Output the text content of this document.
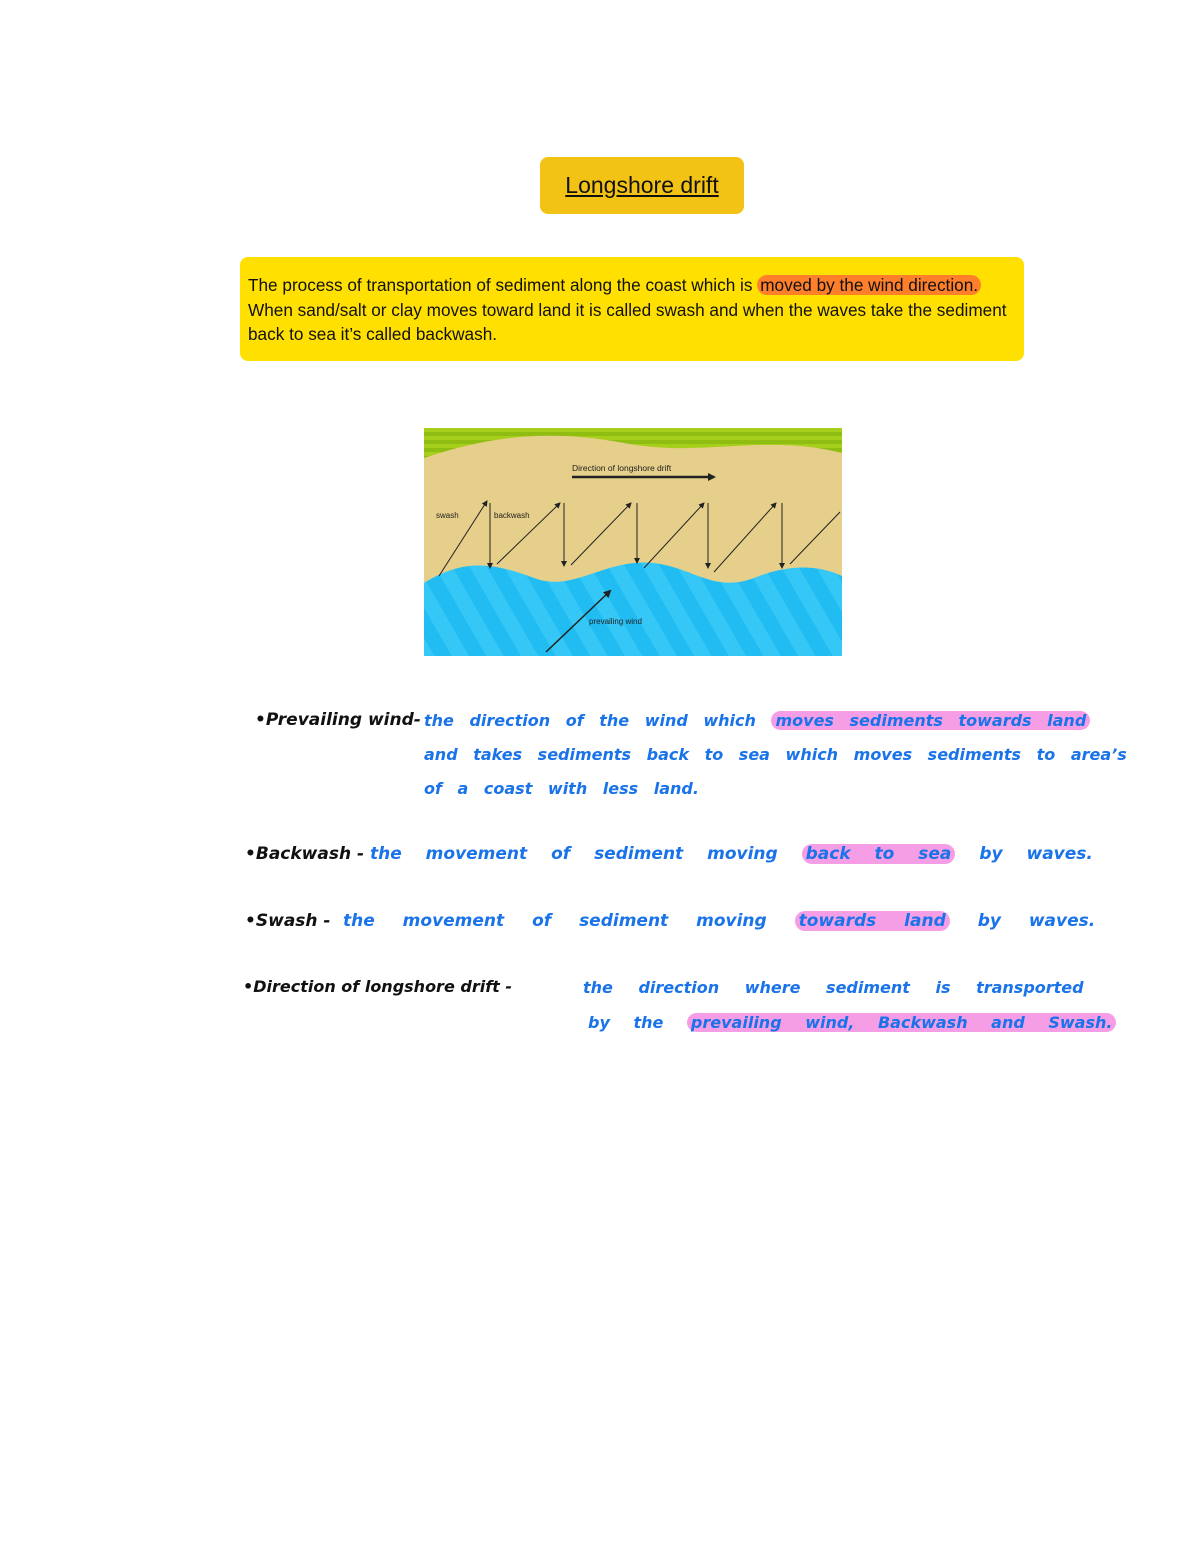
Longshore drift
The process of transportation of sediment along the coast which is moved by the wind direction. When sand/salt or clay moves toward land it is called swash and when the waves take the sediment back to sea it’s called backwash.
Direction of longshore drift
swash	backwash
prevailing wind
•Prevailing wind- the direction of the wind which moves sediments towards land
and takes sediments back to sea which moves sediments to area’s
of a coast with less land.
•Backwash - the movement of sediment moving back to sea by waves.
•Swash - the movement of sediment moving towards land by waves.
•Direction of longshore drift -	the direction where sediment is transported
by the prevailing wind, Backwash and Swash.
